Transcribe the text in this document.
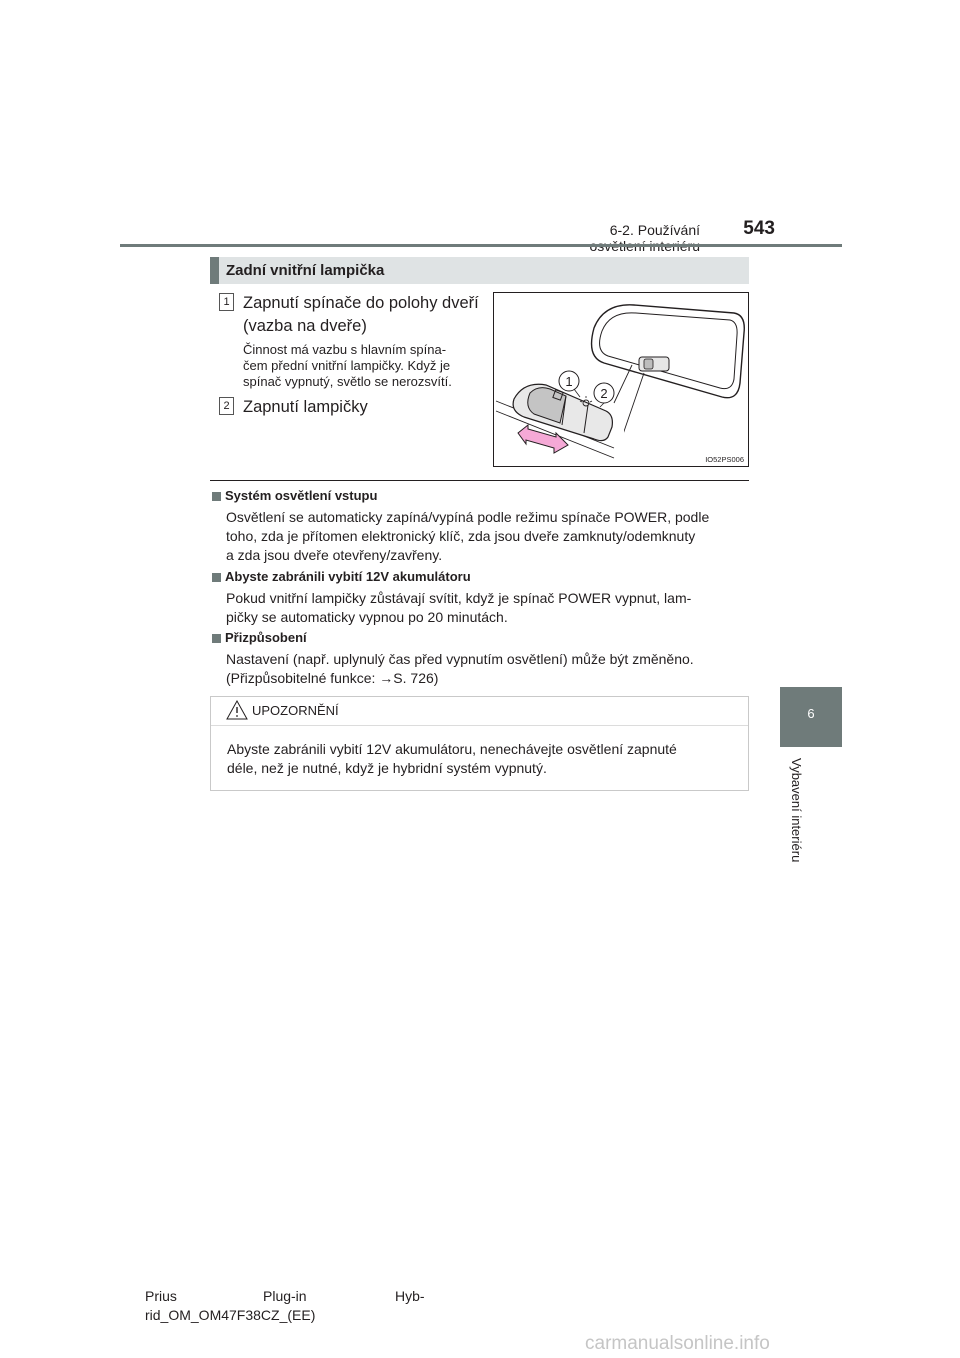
6-2. Používání	543
6
Vybavení interiéru
Zadní vnitřní lampička
1 Zapnutí spínače do polohy dveří
(vazba na dveře)
Činnost má vazbu s hlavním spína-
čem přední vnitřní lampičky. Když je
spínač vypnutý, světlo se nerozsvítí.
2 Zapnutí lampičky
1
2
IO52PS006
Systém osvětlení vstupu
Osvětlení se automaticky zapíná/vypíná podle režimu spínače POWER, podle
toho, zda je přítomen elektronický klíč, zda jsou dveře zamknuty/odemknuty
a zda jsou dveře otevřeny/zavřeny.
Abyste zabránili vybití 12V akumulátoru
Pokud vnitřní lampičky zůstávají svítit, když je spínač POWER vypnut, lam-
pičky se automaticky vypnou po 20 minutách.
Přizpůsobení
Nastavení (např. uplynulý čas před vypnutím osvětlení) může být změněno.
(Přizpůsobitelné funkce: →S. 726)
UPOZORNĚNÍ
Abyste zabránili vybití 12V akumulátoru, nenechávejte osvětlení zapnuté
déle, než je nutné, když je hybridní systém vypnutý.
Prius	Plug-in	Hyb-
rid_OM_OM47F38CZ_(EE)
carmanualsonline.info
